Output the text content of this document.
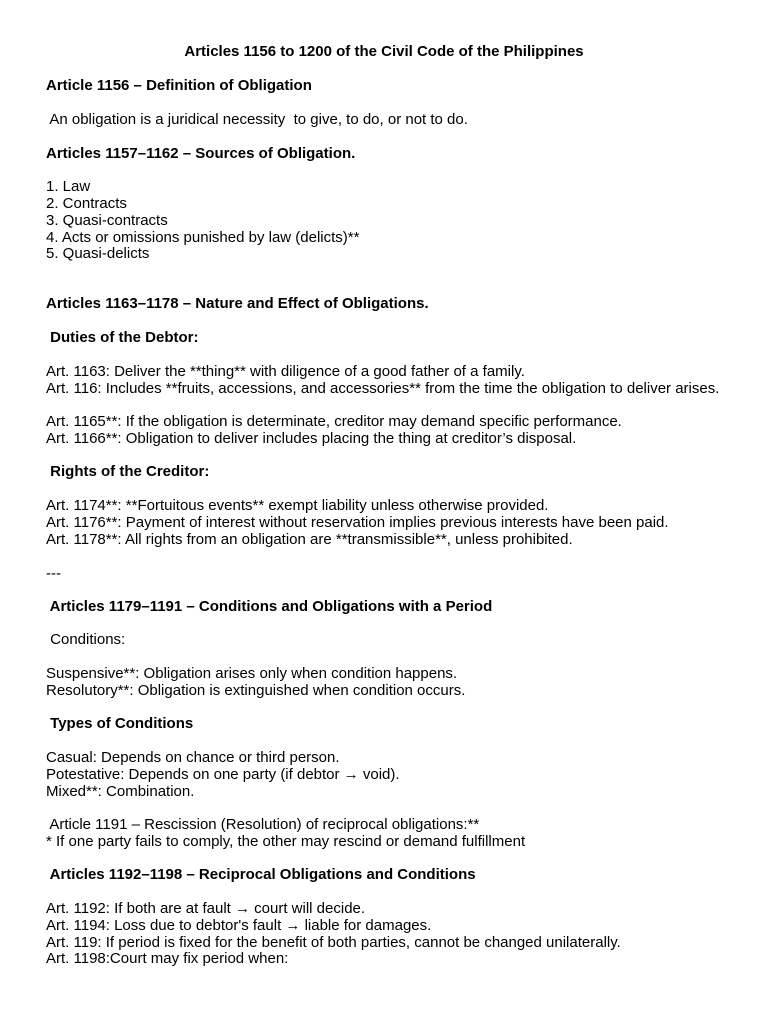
Articles 1156 to 1200 of the Civil Code of the Philippines

Article 1156 – Definition of Obligation

An obligation is a juridical necessity  to give, to do, or not to do.

Articles 1157–1162 – Sources of Obligation.

1. Law

2. Contracts

3. Quasi-contracts

4. Acts or omissions punished by law (delicts)**

5. Quasi-delicts

Articles 1163–1178 – Nature and Effect of Obligations.

Duties of the Debtor:

Art. 1163: Deliver the **thing** with diligence of a good father of a family.

Art. 116: Includes **fruits, accessions, and accessories** from the time the obligation to deliver arises.

Art. 1165**: If the obligation is determinate, creditor may demand specific performance.

Art. 1166**: Obligation to deliver includes placing the thing at creditor’s disposal.

Rights of the Creditor:

Art. 1174**: **Fortuitous events** exempt liability unless otherwise provided.

Art. 1176**: Payment of interest without reservation implies previous interests have been paid.

Art. 1178**: All rights from an obligation are **transmissible**, unless prohibited.

---

Articles 1179–1191 – Conditions and Obligations with a Period

Conditions:

Suspensive**: Obligation arises only when condition happens.

Resolutory**: Obligation is extinguished when condition occurs.

Types of Conditions

Casual: Depends on chance or third person.

Potestative: Depends on one party (if debtor → void).

Mixed**: Combination.

Article 1191 – Rescission (Resolution) of reciprocal obligations:**

* If one party fails to comply, the other may rescind or demand fulfillment

Articles 1192–1198 – Reciprocal Obligations and Conditions

Art. 1192: If both are at fault → court will decide.

Art. 1194: Loss due to debtor's fault → liable for damages.

Art. 119: If period is fixed for the benefit of both parties, cannot be changed unilaterally.

Art. 1198:Court may fix period when:
